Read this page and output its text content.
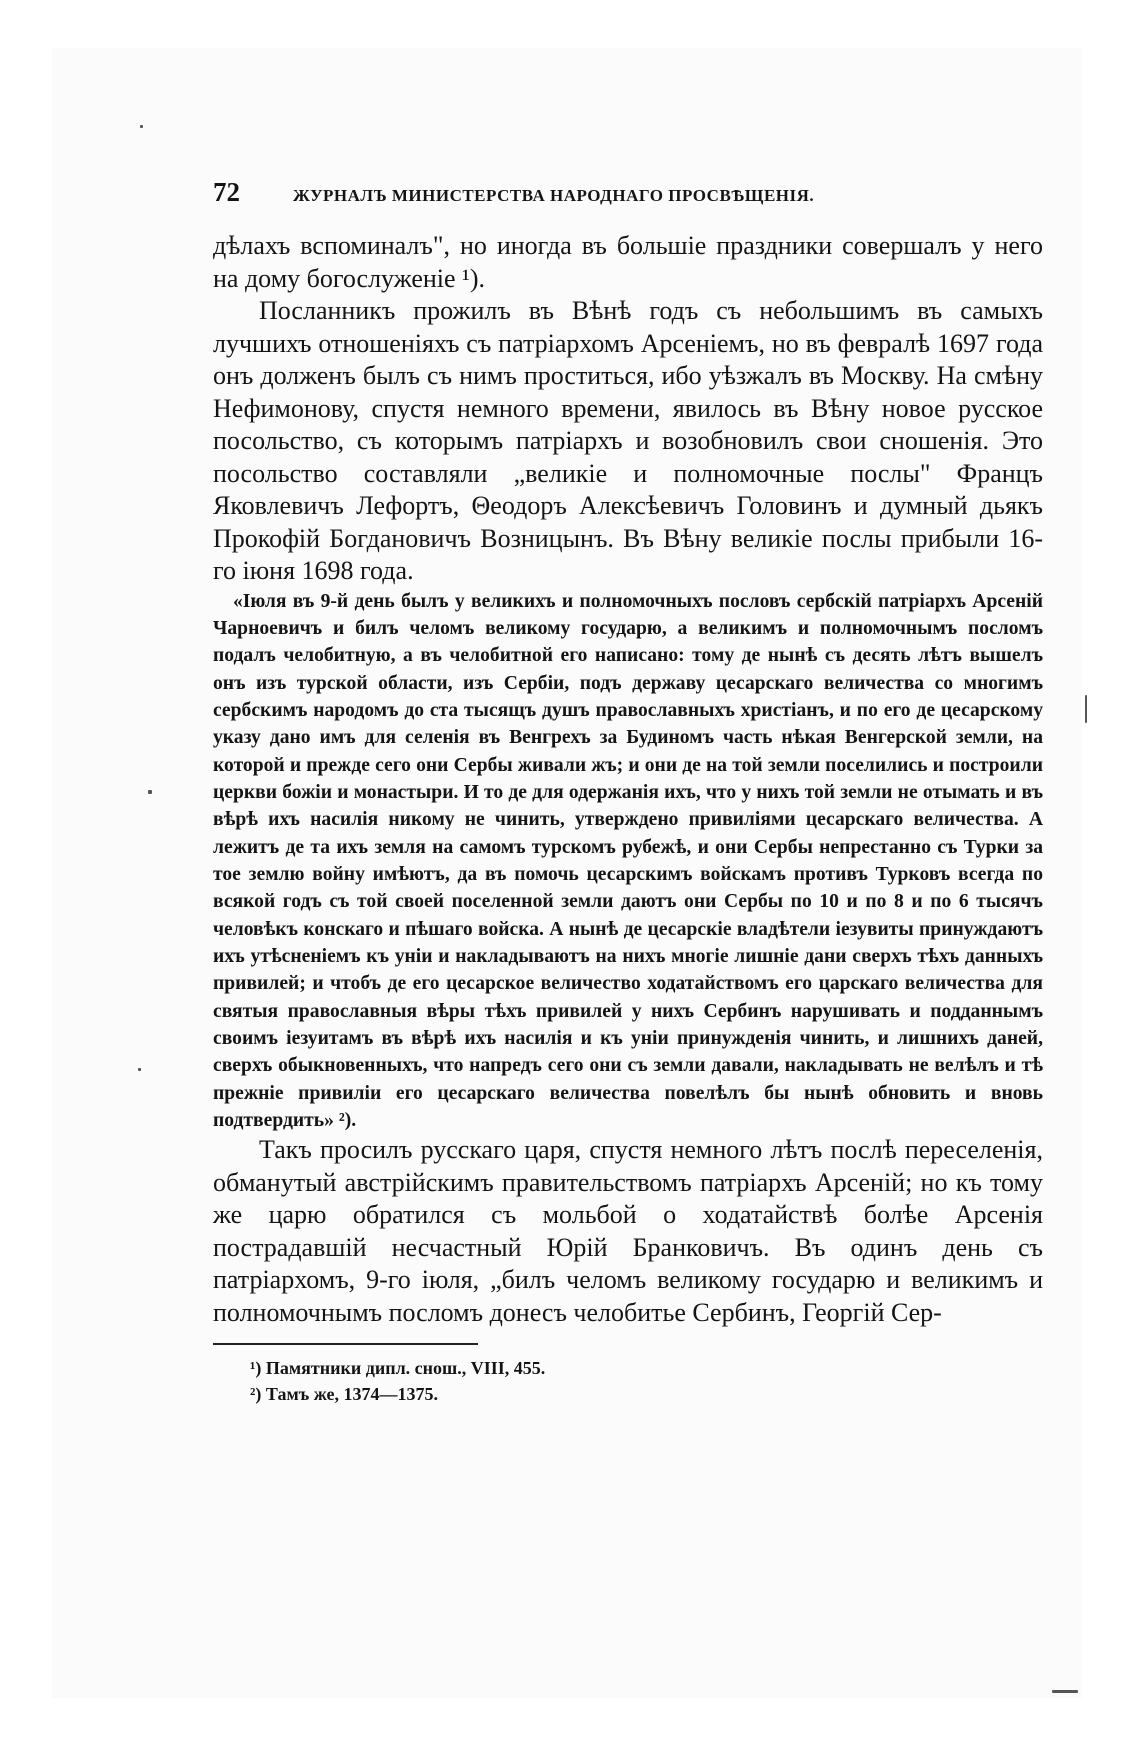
72	ЖУРНАЛЪ МИНИСТЕРСТВА НАРОДНАГО ПРОСВѢЩЕНІЯ.

дѣлахъ вспоминалъ", но иногда въ большіе праздники совершалъ у него на дому богослуженіе ¹).

Посланникъ прожилъ въ Вѣнѣ годъ съ небольшимъ въ самыхъ лучшихъ отношеніяхъ съ патріархомъ Арсеніемъ, но въ февралѣ 1697 года онъ долженъ былъ съ нимъ проститься, ибо уѣзжалъ въ Москву. На смѣну Нефимонову, спустя немного времени, явилось въ Вѣну новое русское посольство, съ которымъ патріархъ и возобновилъ свои сношенія. Это посольство составляли „великіе и полномочные послы" Францъ Яковлевичъ Лефортъ, Θеодоръ Алексѣевичъ Головинъ и думный дьякъ Прокофій Богдановичъ Возницынъ. Въ Вѣну великіе послы прибыли 16-го іюня 1698 года.

«Іюля въ 9-й день былъ у великихъ и полномочныхъ пословъ сербскій патріархъ Арсеній Чарноевичъ и билъ челомъ великому государю, а великимъ и полномочнымъ посломъ подалъ челобитную, а въ челобитной его написано: тому де нынѣ съ десять лѣтъ вышелъ онъ изъ турской области, изъ Сербіи, подъ державу цесарскаго величества со многимъ сербскимъ народомъ до ста тысящъ душъ православныхъ христіанъ, и по его де цесарскому указу дано имъ для селенія въ Венгрехъ за Будиномъ часть нѣкая Венгерской земли, на которой и прежде сего они Сербы живали жъ; и они де на той земли поселились и построили церкви божіи и монастыри. И то де для одержанія ихъ, что у нихъ той земли не отымать и въ вѣрѣ ихъ насилія никому не чинить, утверждено привиліями цесарскаго величества. А лежитъ де та ихъ земля на самомъ турскомъ рубежѣ, и они Сербы непрестанно съ Турки за тое землю войну имѣютъ, да въ помочь цесарскимъ войскамъ противъ Турковъ всегда по всякой годъ съ той своей поселенной земли даютъ они Сербы по 10 и по 8 и по 6 тысячъ человѣкъ конскаго и пѣшаго войска. А нынѣ де цесарскіе владѣтели іезувиты принуждаютъ ихъ утѣсненіемъ къ уніи и накладываютъ на нихъ многіе лишніе дани сверхъ тѣхъ данныхъ привилей; и чтобъ де его цесарское величество ходатайствомъ его царскаго величества для святыя православныя вѣры тѣхъ привилей у нихъ Сербинъ нарушивать и подданнымъ своимъ іезуитамъ въ вѣрѣ ихъ насилія и къ уніи принужденія чинить, и лишнихъ даней, сверхъ обыкновенныхъ, что напредъ сего они съ земли давали, накладывать не велѣлъ и тѣ прежніе привиліи его цесарскаго величества повелѣлъ бы нынѣ обновить и вновь подтвердить» ²).

Такъ просилъ русскаго царя, спустя немного лѣтъ послѣ переселенія, обманутый австрійскимъ правительствомъ патріархъ Арсеній; но къ тому же царю обратился съ мольбой о ходатайствѣ болѣе Арсенія пострадавшій несчастный Юрій Бранковичъ. Въ одинъ день съ патріархомъ, 9-го іюля, „билъ челомъ великому государю и великимъ и полномочнымъ посломъ донесъ челобитье Сербинъ, Георгій Сер-

¹) Памятники дипл. снош., VIII, 455.

²) Тамъ же, 1374—1375.
